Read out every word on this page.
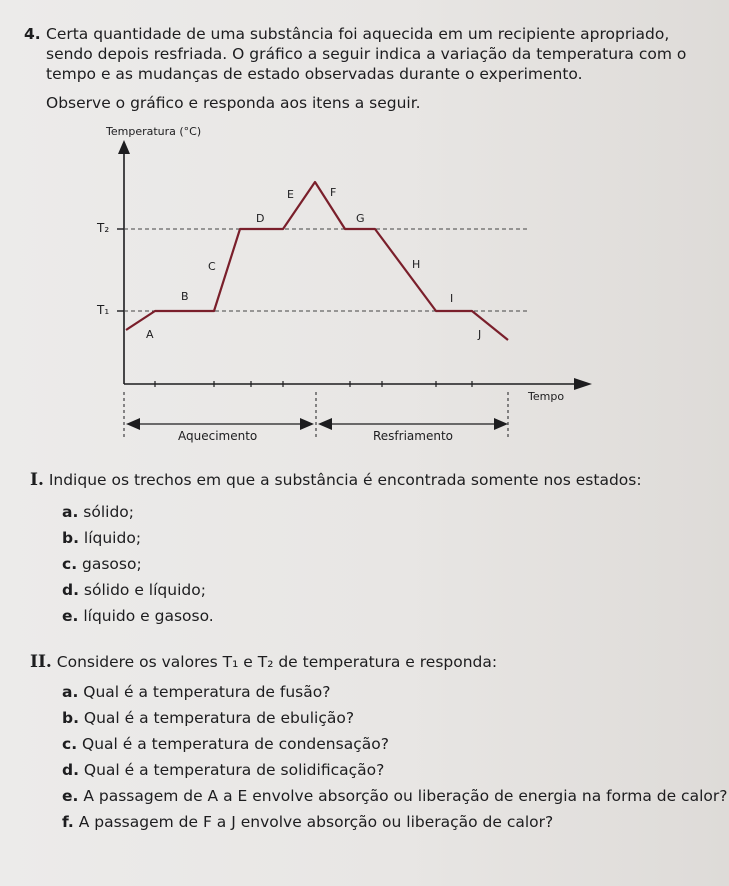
4. Certa quantidade de uma substância foi aquecida em um recipiente apropriado, sendo depois resfriada. O gráfico a seguir indica a variação da temperatura com o tempo e as mudanças de estado observadas durante o experimento.
Observe o gráfico e responda aos itens a seguir.
Temperatura (°C)
Tempo
T₂
T₁
A
B
C
D
E	F
G
H
I
J
Aquecimento	Resfriamento
I. Indique os trechos em que a substância é encontrada somente nos estados:
a. sólido;
b. líquido;
c. gasoso;
d. sólido e líquido;
e. líquido e gasoso.
II. Considere os valores T₁ e T₂ de temperatura e responda:
a. Qual é a temperatura de fusão?
b. Qual é a temperatura de ebulição?
c. Qual é a temperatura de condensação?
d. Qual é a temperatura de solidificação?
e. A passagem de A a E envolve absorção ou liberação de energia na forma de calor?
f. A passagem de F a J envolve absorção ou liberação de calor?
